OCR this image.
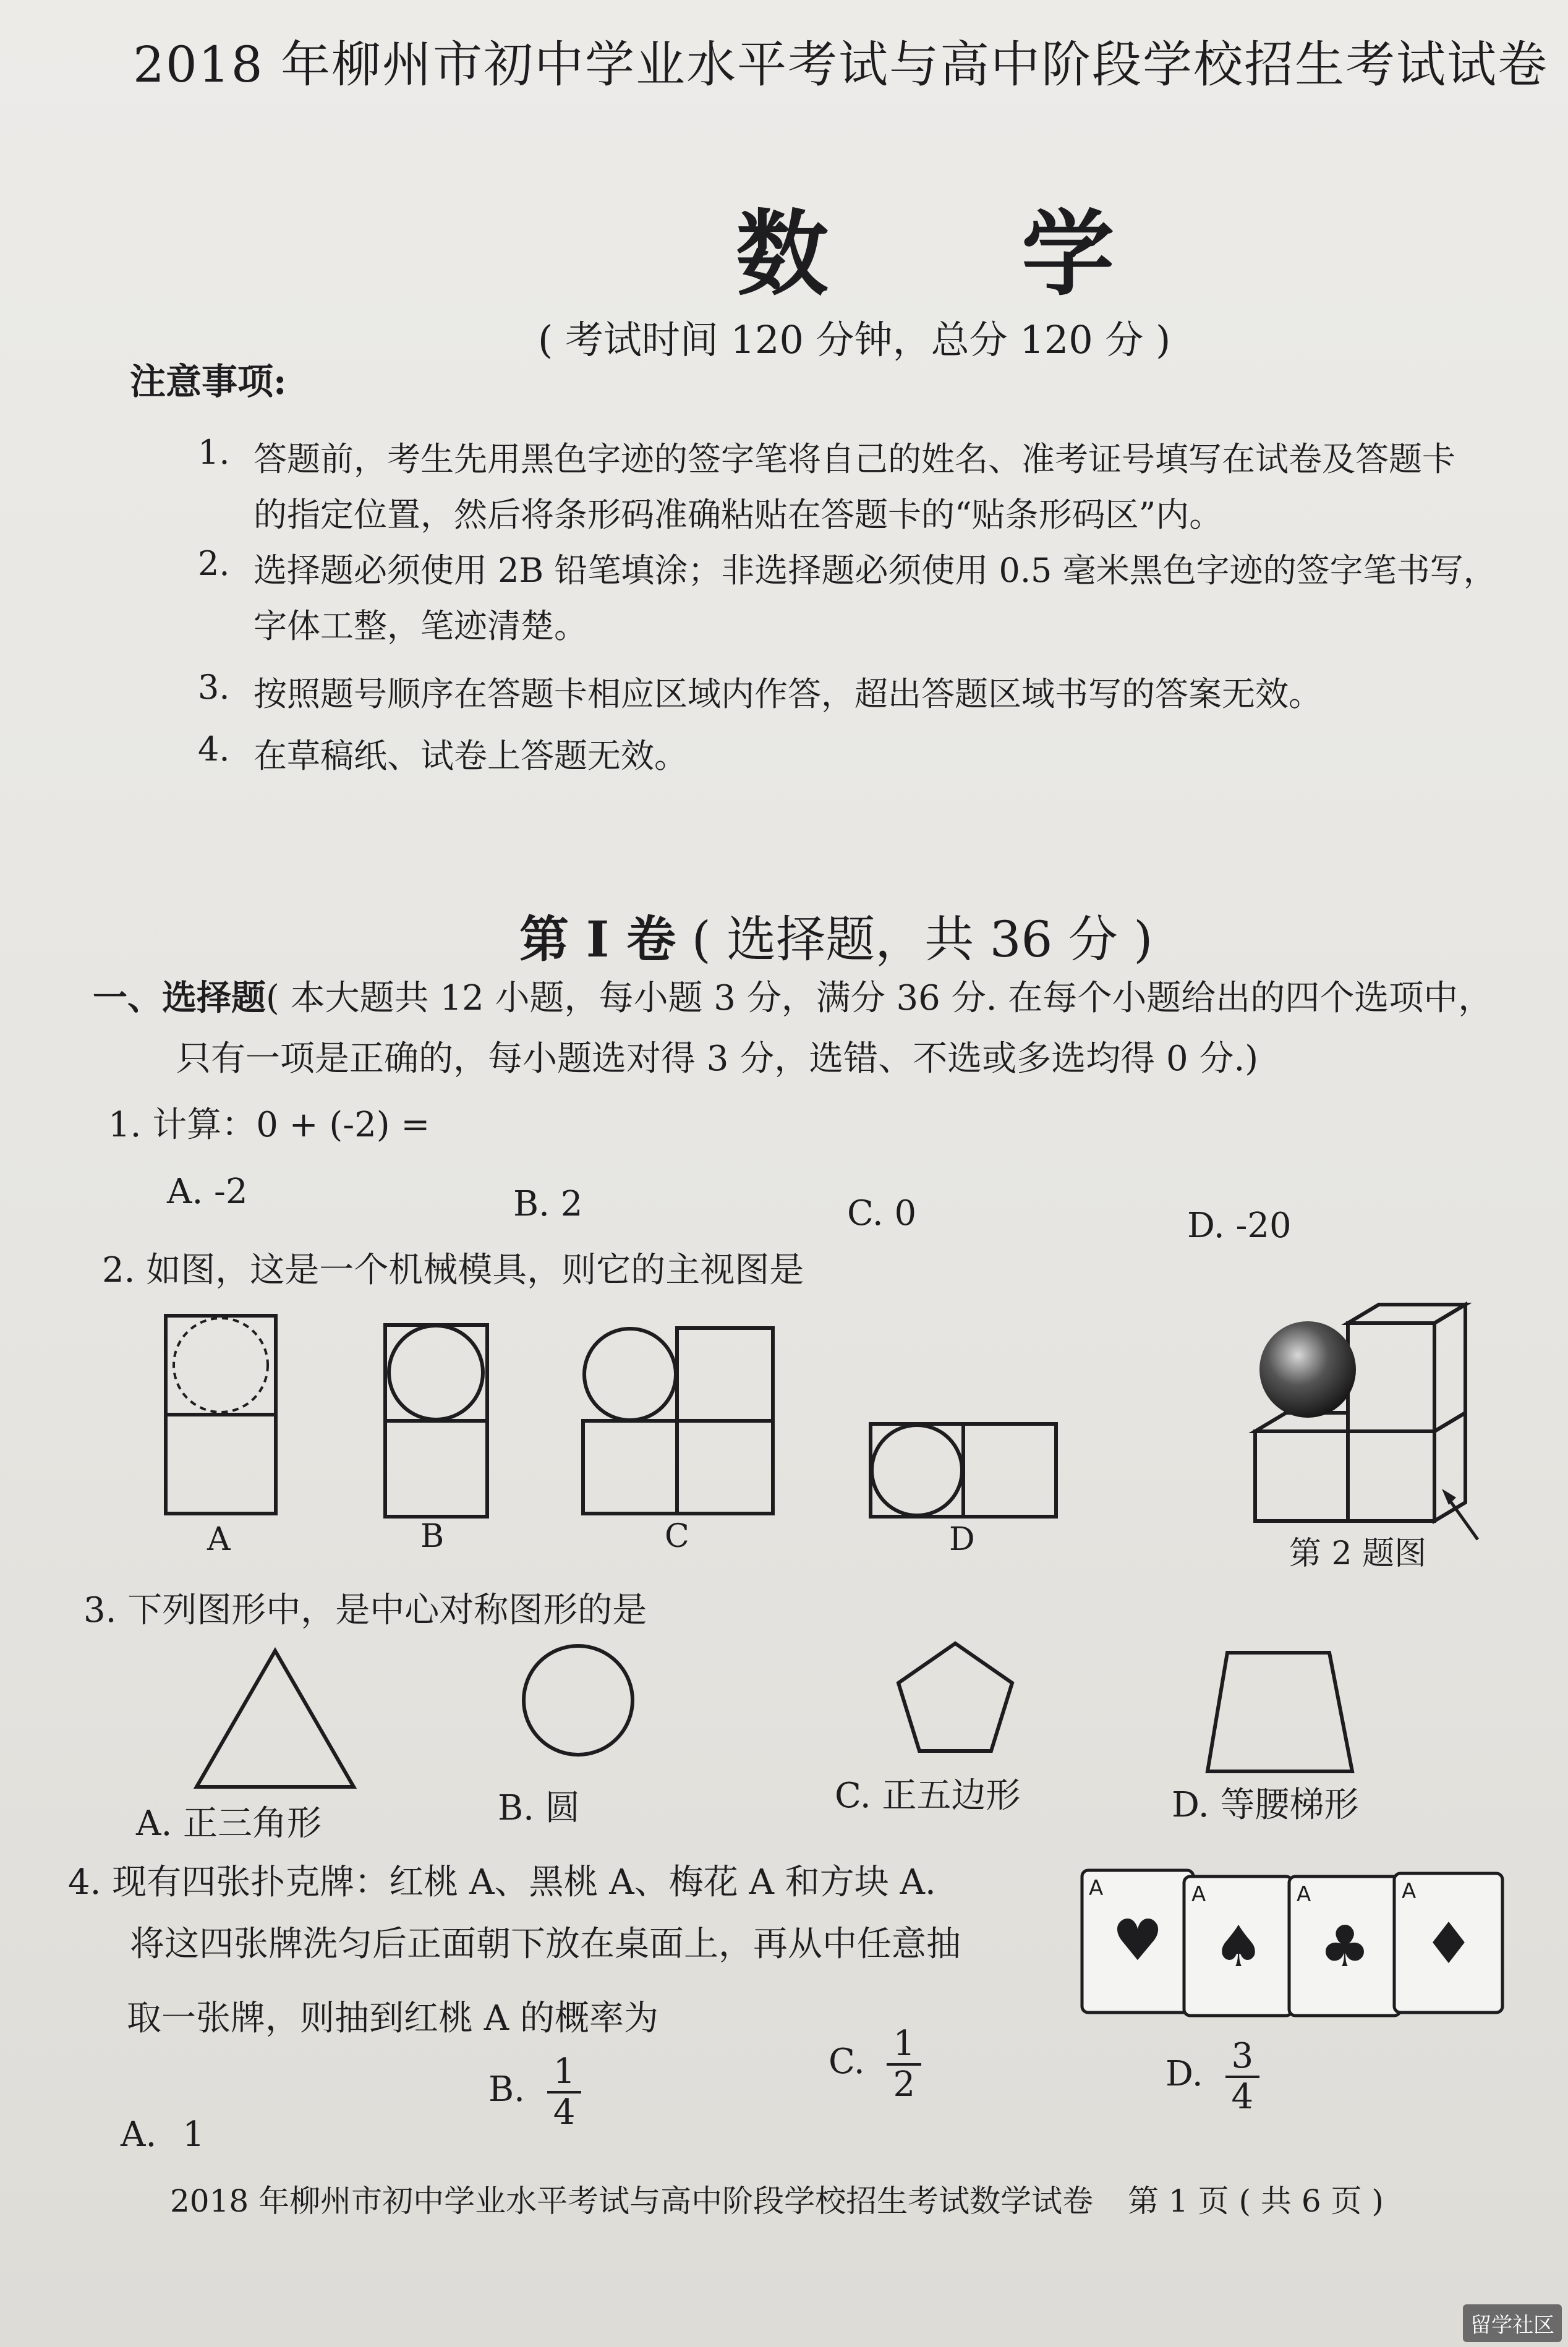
2018 年柳州市初中学业水平考试与高中阶段学校招生考试试卷
数 学
( 考试时间 120 分钟，总分 120 分 )
注意事项:
1. 答题前，考生先用黑色字迹的签字笔将自己的姓名、准考证号填写在试卷及答题卡
的指定位置，然后将条形码准确粘贴在答题卡的“贴条形码区”内。
2. 选择题必须使用 2B 铅笔填涂；非选择题必须使用 0.5 毫米黑色字迹的签字笔书写，
字体工整，笔迹清楚。
3. 按照题号顺序在答题卡相应区域内作答，超出答题区域书写的答案无效。
4. 在草稿纸、试卷上答题无效。
第 I 卷 ( 选择题，共 36 分 )
一、选择题( 本大题共 12 小题，每小题 3 分，满分 36 分. 在每个小题给出的四个选项中，
只有一项是正确的，每小题选对得 3 分，选错、不选或多选均得 0 分.)
1. 计算：0 + (-2) =
A. -2	B. 2	C. 0	D. -20
2. 如图，这是一个机械模具，则它的主视图是
A	B	C	D	第 2 题图
3. 下列图形中，是中心对称图形的是
A. 正三角形	B. 圆	C. 正五边形	D. 等腰梯形
4. 现有四张扑克牌：红桃 A、黑桃 A、梅花 A 和方块 A.
将这四张牌洗匀后正面朝下放在桌面上，再从中任意抽
取一张牌，则抽到红桃 A 的概率为
A. 1
B. $\frac{1}{4}$	C. $\frac{1}{2}$	D. $\frac{3}{4}$
A
♥
A
♠
A
♣
A
♦
2018 年柳州市初中学业水平考试与高中阶段学校招生考试数学试卷 第 1 页 ( 共 6 页 )
留学社区
